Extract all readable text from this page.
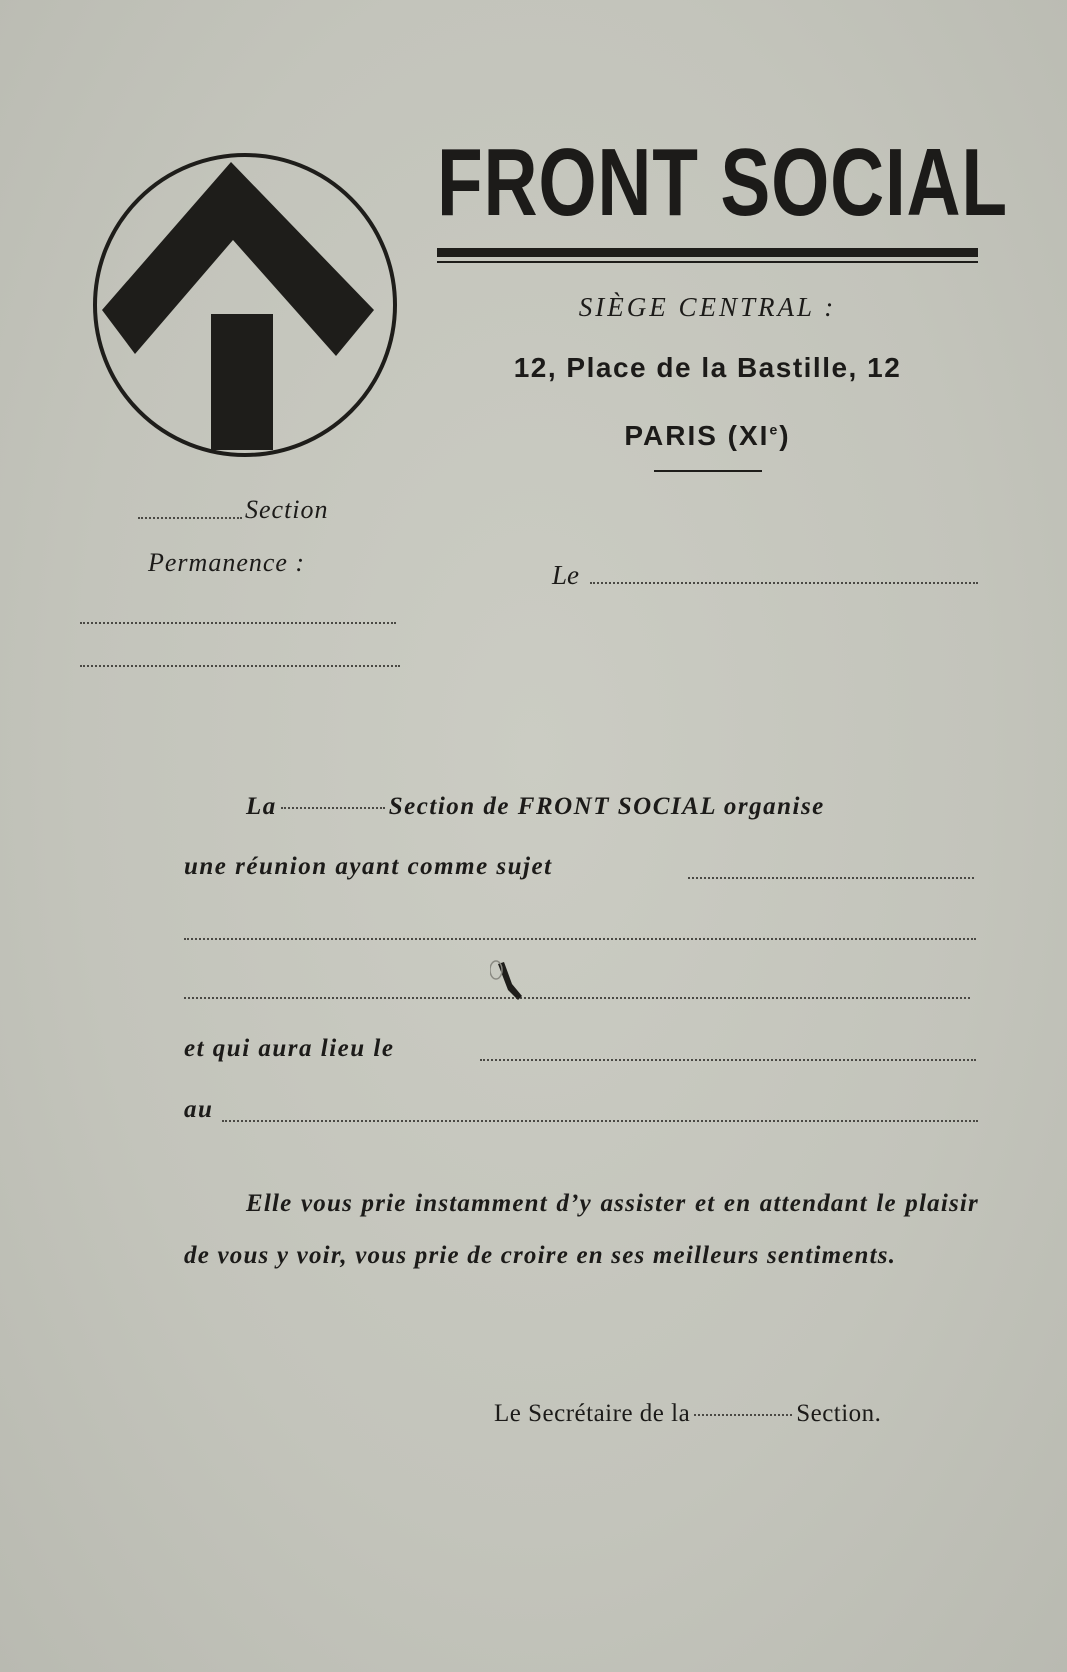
FRONT SOCIAL
SIÈGE CENTRAL :
12, Place de la Bastille, 12
PARIS (XIe)
Section
Permanence :	Le
La	Section de FRONT SOCIAL organise
une réunion ayant comme sujet
et qui aura lieu le
au
Elle vous prie instamment d’y assister et en attendant le plaisir de vous y voir, vous prie de croire en ses meilleurs sentiments.
Le Secrétaire de la	Section.
